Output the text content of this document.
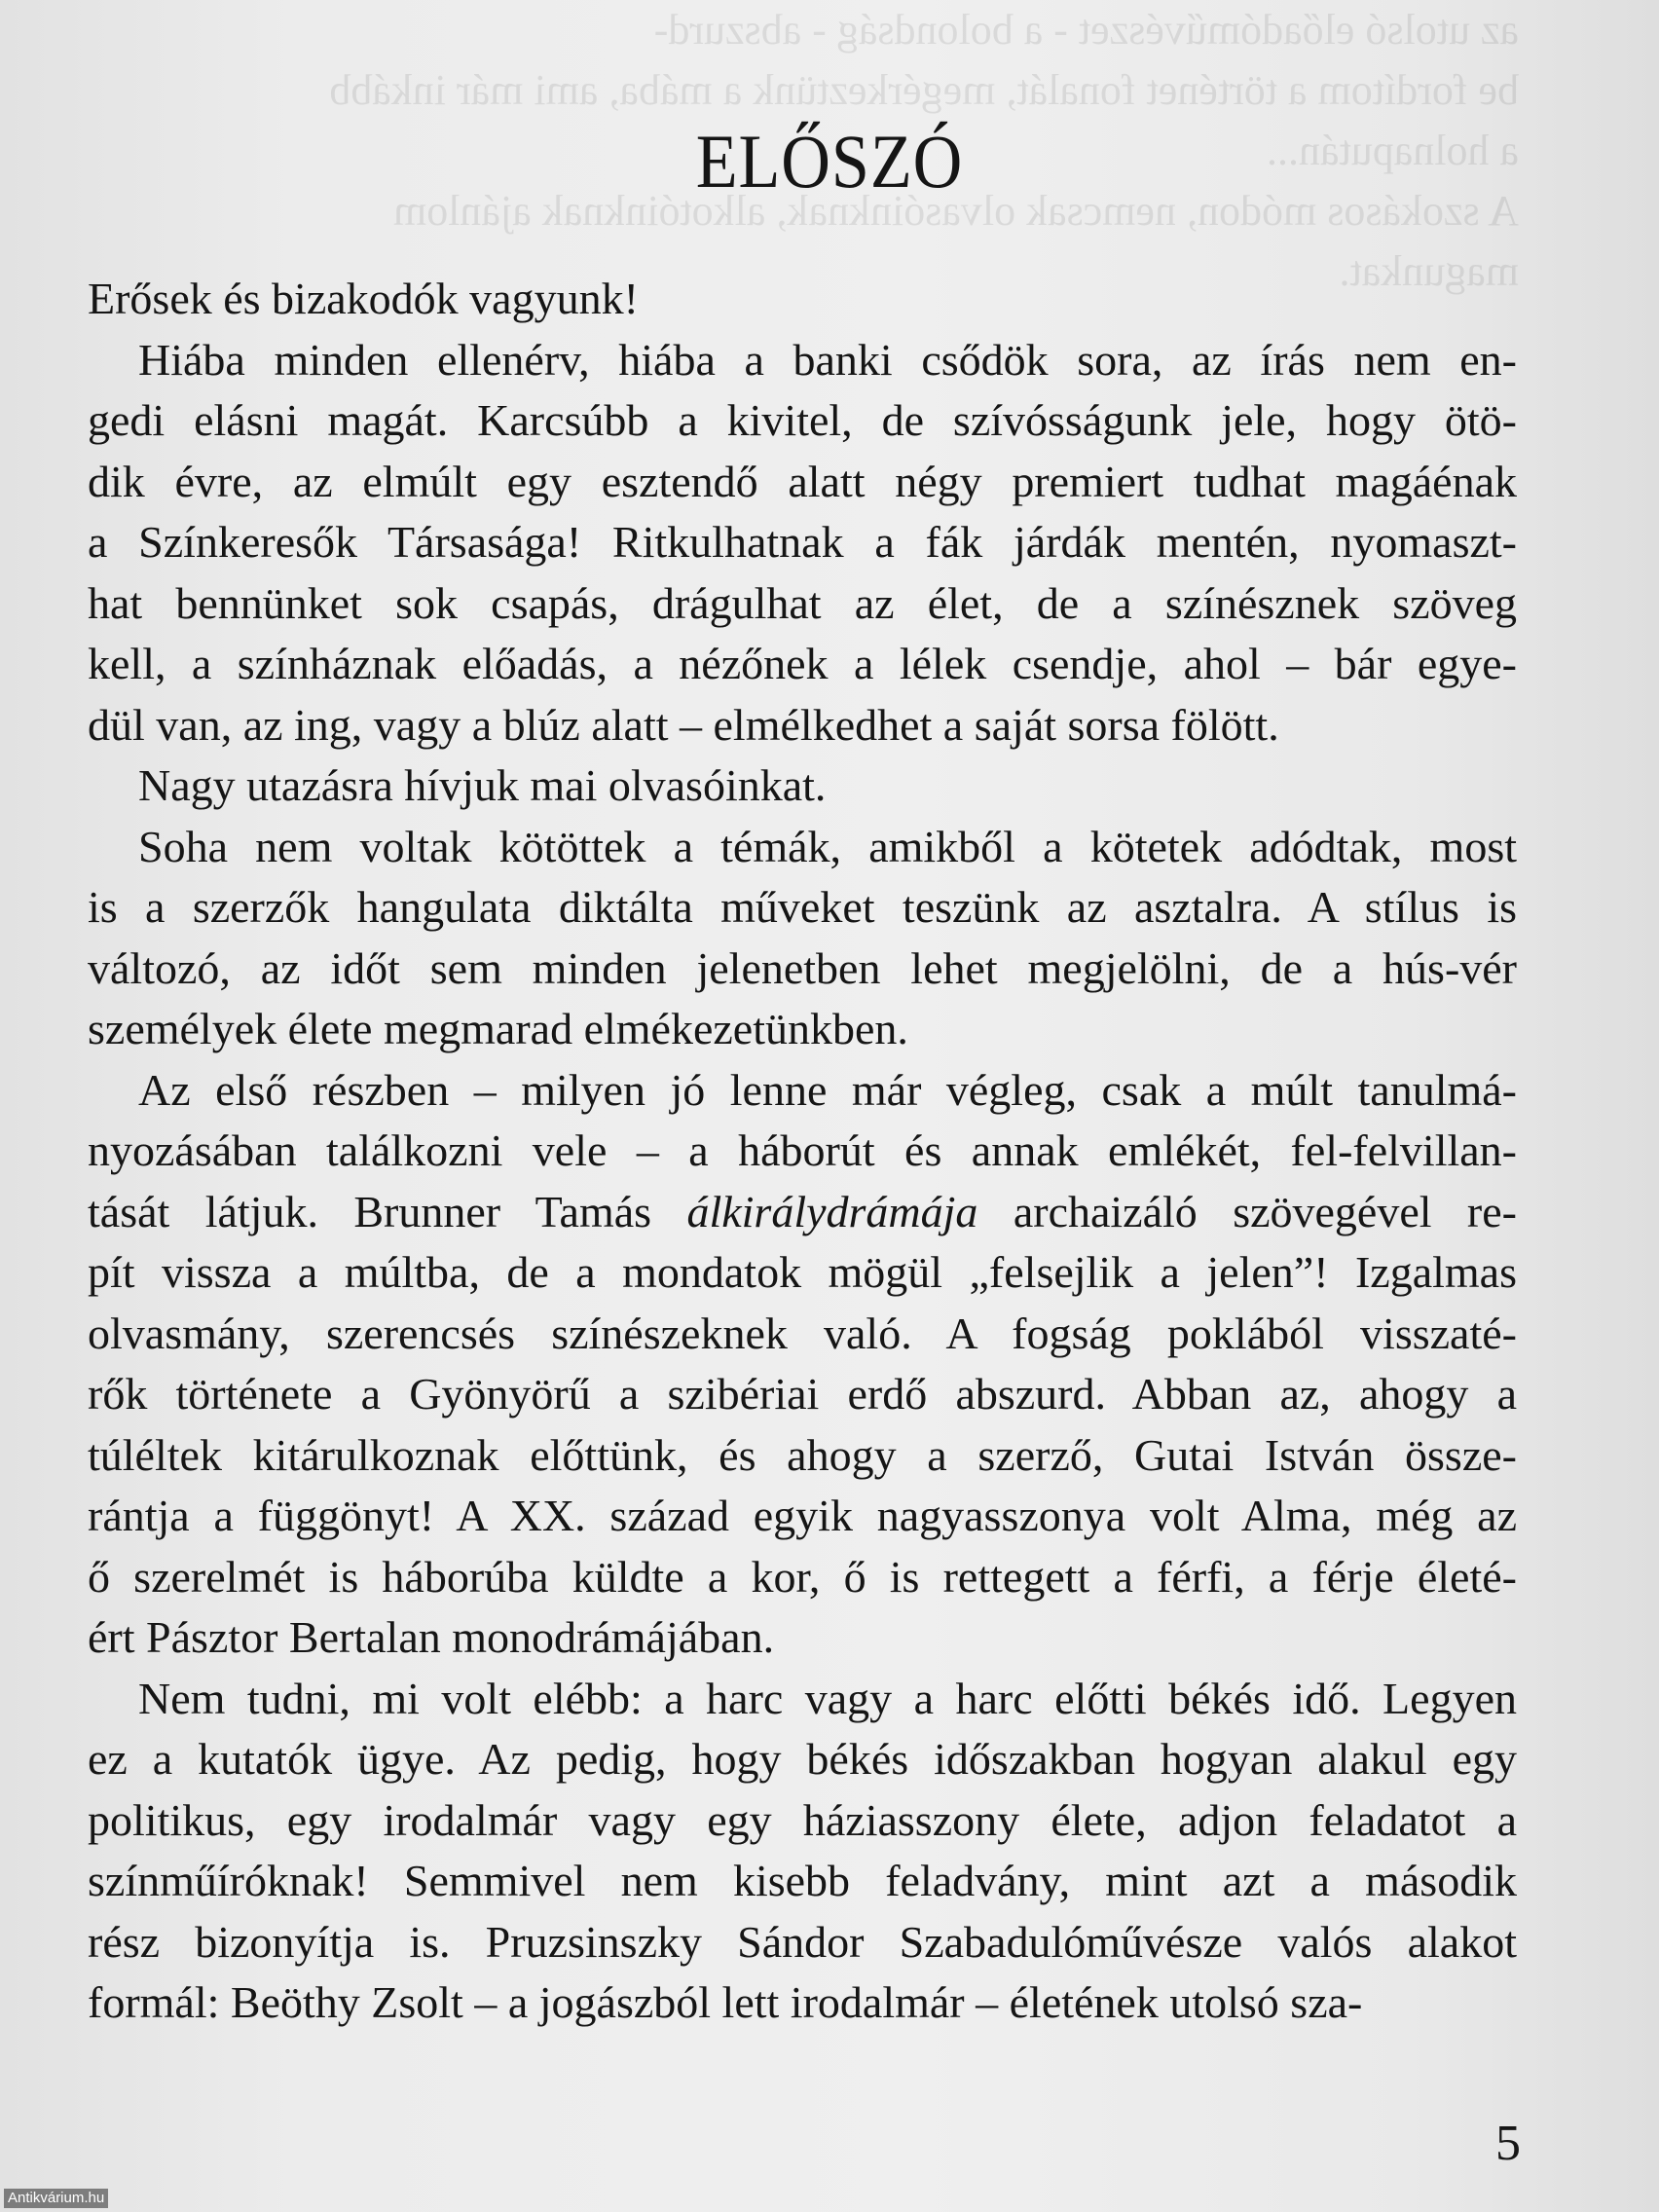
az utolsó előadóművészet - a bolondság - abszurd-
be fordítom a történet fonalát, megérkeztünk a mába, ami már inkább
a holnapután...
A szokásos módon, nemcsak olvasóinknak, alkotóinknak ajánlom
magunkat.
ELŐSZÓ
Erősek és bizakodók vagyunk!
Hiába minden ellenérv, hiába a banki csődök sora, az írás nem en-
gedi elásni magát. Karcsúbb a kivitel, de szívósságunk jele, hogy ötö-
dik évre, az elmúlt egy esztendő alatt négy premiert tudhat magáénak
a Színkeresők Társasága! Ritkulhatnak a fák járdák mentén, nyomaszt-
hat bennünket sok csapás, drágulhat az élet, de a színésznek szöveg
kell, a színháznak előadás, a nézőnek a lélek csendje, ahol – bár egye-
dül van, az ing, vagy a blúz alatt – elmélkedhet a saját sorsa fölött.
Nagy utazásra hívjuk mai olvasóinkat.
Soha nem voltak kötöttek a témák, amikből a kötetek adódtak, most
is a szerzők hangulata diktálta műveket teszünk az asztalra. A stílus is
változó, az időt sem minden jelenetben lehet megjelölni, de a hús-vér
személyek élete megmarad elmékezetünkben.
Az első részben – milyen jó lenne már végleg, csak a múlt tanulmá-
nyozásában találkozni vele – a háborút és annak emlékét, fel-felvillan-
tását látjuk. Brunner Tamás álkirálydrámája archaizáló szövegével re-
pít vissza a múltba, de a mondatok mögül „felsejlik a jelen”! Izgalmas
olvasmány, szerencsés színészeknek való. A fogság poklából visszaté-
rők története a Gyönyörű a szibériai erdő abszurd. Abban az, ahogy a
túléltek kitárulkoznak előttünk, és ahogy a szerző, Gutai István össze-
rántja a függönyt! A XX. század egyik nagyasszonya volt Alma, még az
ő szerelmét is háborúba küldte a kor, ő is rettegett a férfi, a férje életé-
ért Pásztor Bertalan monodrámájában.
Nem tudni, mi volt elébb: a harc vagy a harc előtti békés idő. Legyen
ez a kutatók ügye. Az pedig, hogy békés időszakban hogyan alakul egy
politikus, egy irodalmár vagy egy háziasszony élete, adjon feladatot a
színműíróknak! Semmivel nem kisebb feladvány, mint azt a második
rész bizonyítja is. Pruzsinszky Sándor Szabadulóművésze valós alakot
formál: Beöthy Zsolt – a jogászból lett irodalmár – életének utolsó sza-
5
Antikvárium.hu
